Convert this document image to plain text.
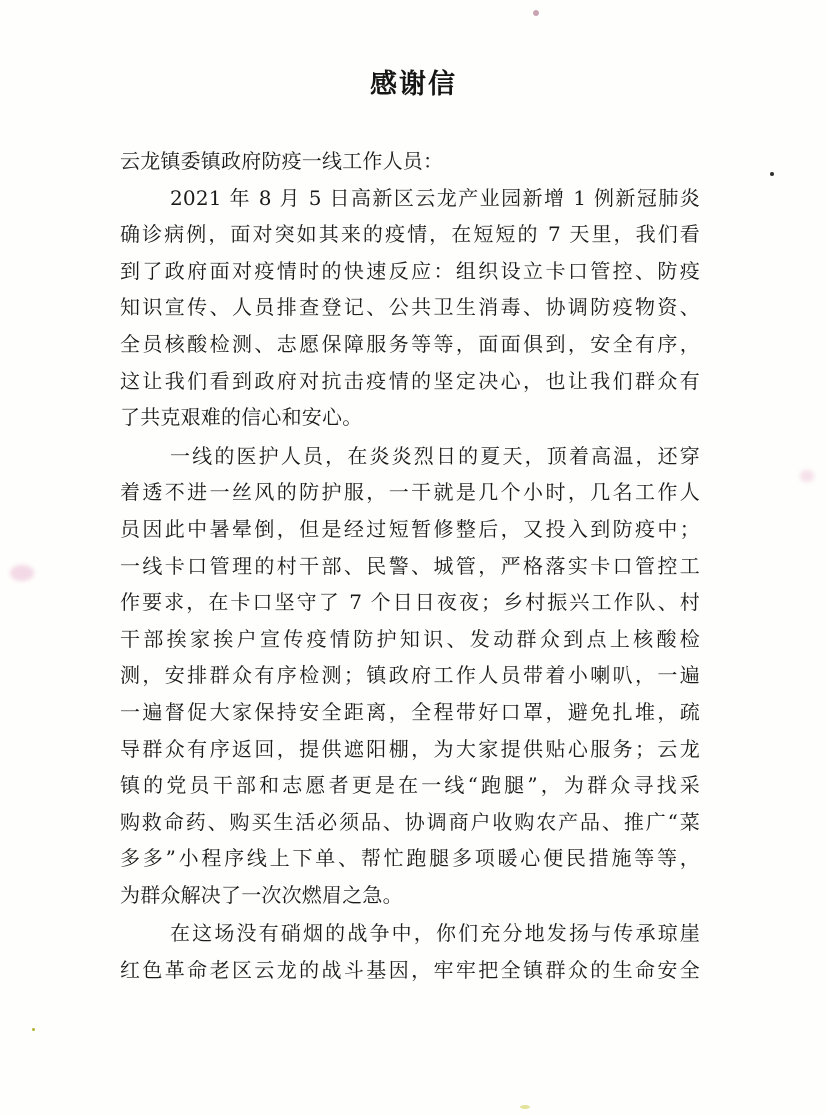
感谢信
云龙镇委镇政府防疫一线工作人员：
2021 年 8 月 5 日高新区云龙产业园新增 1 例新冠肺炎
确诊病例，面对突如其来的疫情，在短短的 7 天里，我们看
到了政府面对疫情时的快速反应：组织设立卡口管控、防疫
知识宣传、人员排查登记、公共卫生消毒、协调防疫物资、
全员核酸检测、志愿保障服务等等，面面俱到，安全有序，
这让我们看到政府对抗击疫情的坚定决心，也让我们群众有
了共克艰难的信心和安心。
一线的医护人员，在炎炎烈日的夏天，顶着高温，还穿
着透不进一丝风的防护服，一干就是几个小时，几名工作人
员因此中暑晕倒，但是经过短暂修整后，又投入到防疫中；
一线卡口管理的村干部、民警、城管，严格落实卡口管控工
作要求，在卡口坚守了 7 个日日夜夜；乡村振兴工作队、村
干部挨家挨户宣传疫情防护知识、发动群众到点上核酸检
测，安排群众有序检测；镇政府工作人员带着小喇叭，一遍
一遍督促大家保持安全距离，全程带好口罩，避免扎堆，疏
导群众有序返回，提供遮阳棚，为大家提供贴心服务；云龙
镇的党员干部和志愿者更是在一线“跑腿”，为群众寻找采
购救命药、购买生活必须品、协调商户收购农产品、推广“菜
多多”小程序线上下单、帮忙跑腿多项暖心便民措施等等，
为群众解决了一次次燃眉之急。
在这场没有硝烟的战争中，你们充分地发扬与传承琼崖
红色革命老区云龙的战斗基因，牢牢把全镇群众的生命安全
